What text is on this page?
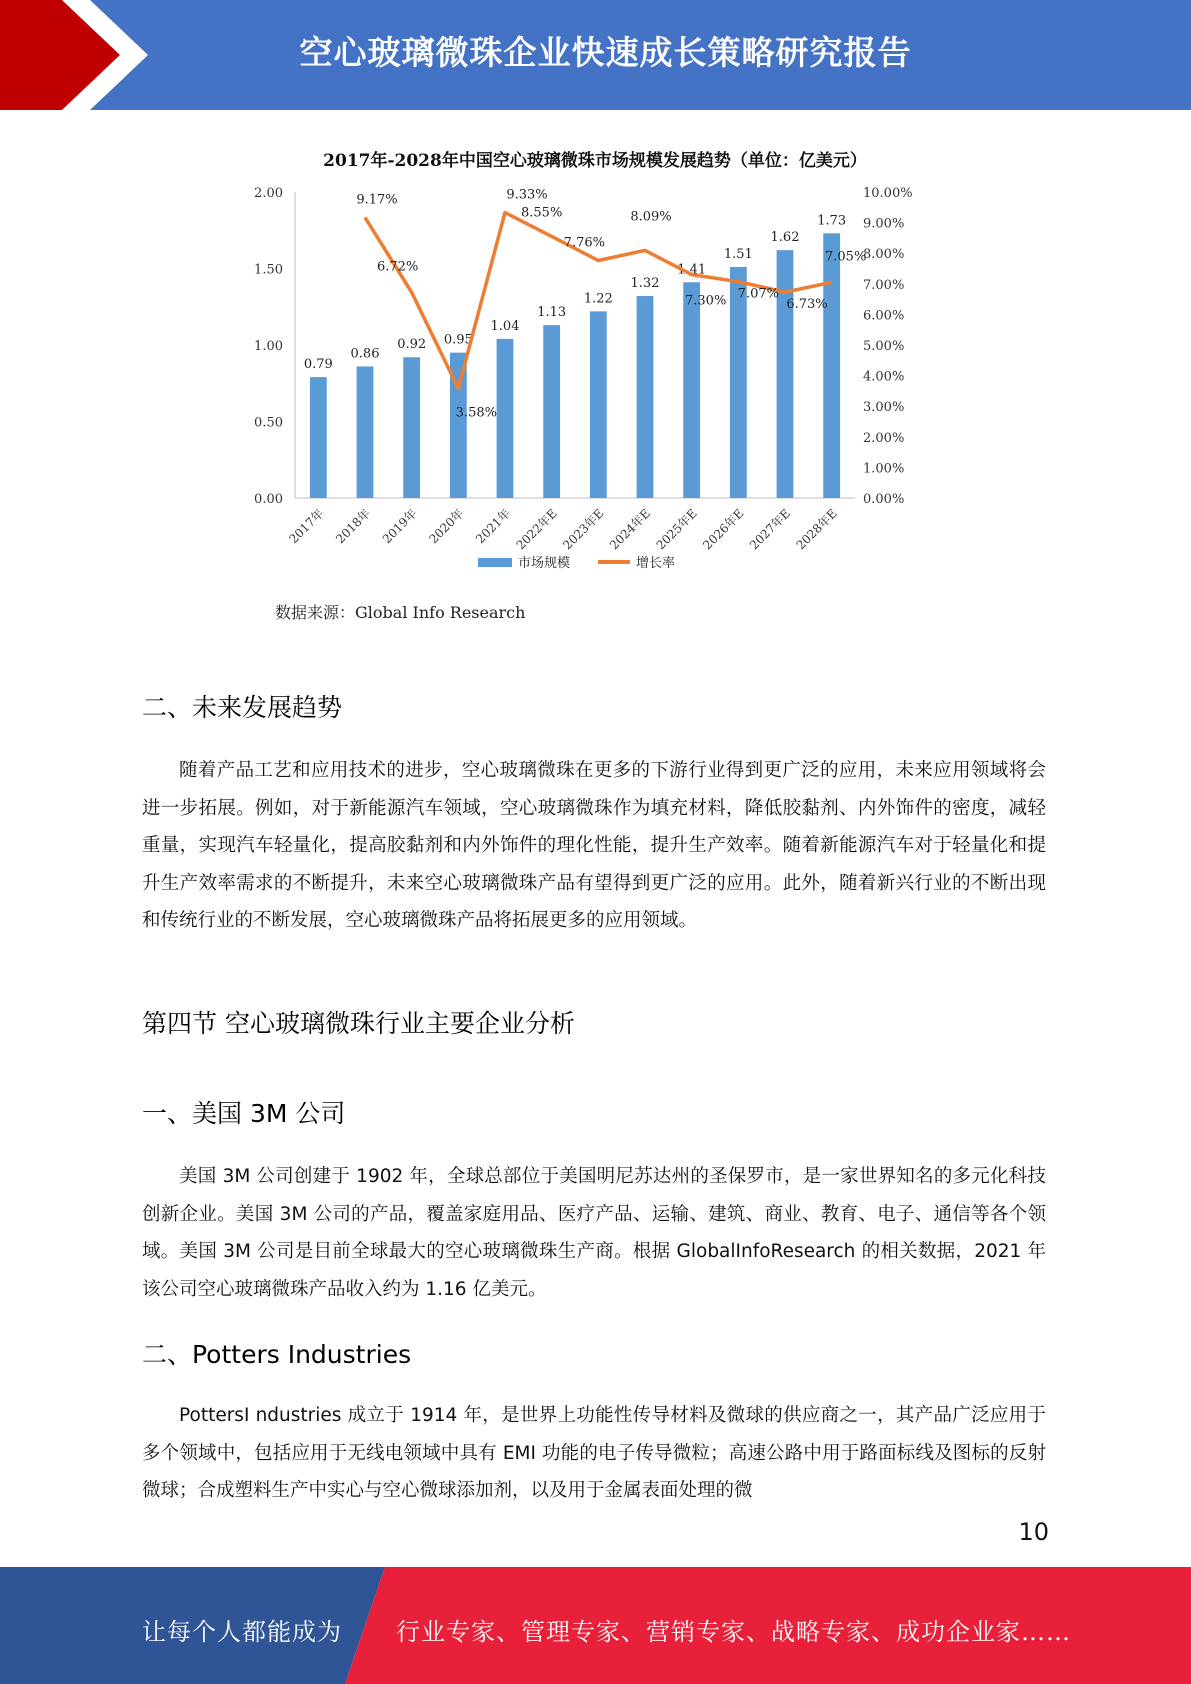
空心玻璃微珠企业快速成长策略研究报告
2017年-2028年中国空心玻璃微珠市场规模发展趋势（单位：亿美元）
0.00
0.50
1.00
1.50
2.00
0.00%
1.00%
2.00%
3.00%
4.00%
5.00%
6.00%
7.00%
8.00%
9.00%
10.00%
0.79
0.86
0.92 0.95
1.04
1.13
1.22
1.32
1.41
1.51
1.62
1.73
2017年 2018年 2019年 2020年 2021年 2022年E 2023年E 2024年E 2025年E 2026年E 2027年E 2028年E
9.17%
6.72%
3.58%
9.33%
8.55%
7.76%
8.09%
7.30% 7.07%
6.73%
7.05%
市场规模	增长率
数据来源：Global Info Research
二、未来发展趋势

随着产品工艺和应用技术的进步，空心玻璃微珠在更多的下游行业得到更广泛的应用，未来应用领域将会进一步拓展。例如，对于新能源汽车领域，空心玻璃微珠作为填充材料，降低胶黏剂、内外饰件的密度，减轻重量，实现汽车轻量化，提高胶黏剂和内外饰件的理化性能，提升生产效率。随着新能源汽车对于轻量化和提升生产效率需求的不断提升，未来空心玻璃微珠产品有望得到更广泛的应用。此外，随着新兴行业的不断出现和传统行业的不断发展，空心玻璃微珠产品将拓展更多的应用领域。

第四节 空心玻璃微珠行业主要企业分析
一、美国 3M 公司

美国 3M 公司创建于 1902 年，全球总部位于美国明尼苏达州的圣保罗市，是一家世界知名的多元化科技创新企业。美国 3M 公司的产品，覆盖家庭用品、医疗产品、运输、建筑、商业、教育、电子、通信等各个领域。美国 3M 公司是目前全球最大的空心玻璃微珠生产商。根据 GlobalInfoResearch 的相关数据，2021 年该公司空心玻璃微珠产品收入约为 1.16 亿美元。

二、Potters Industries

PottersI ndustries 成立于 1914 年，是世界上功能性传导材料及微球的供应商之一，其产品广泛应用于多个领域中，包括应用于无线电领域中具有 EMI 功能的电子传导微粒；高速公路中用于路面标线及图标的反射微球；合成塑料生产中实心与空心微球添加剂，以及用于金属表面处理的微

10
让每个人都能成为 行业专家、管理专家、营销专家、战略专家、成功企业家……
